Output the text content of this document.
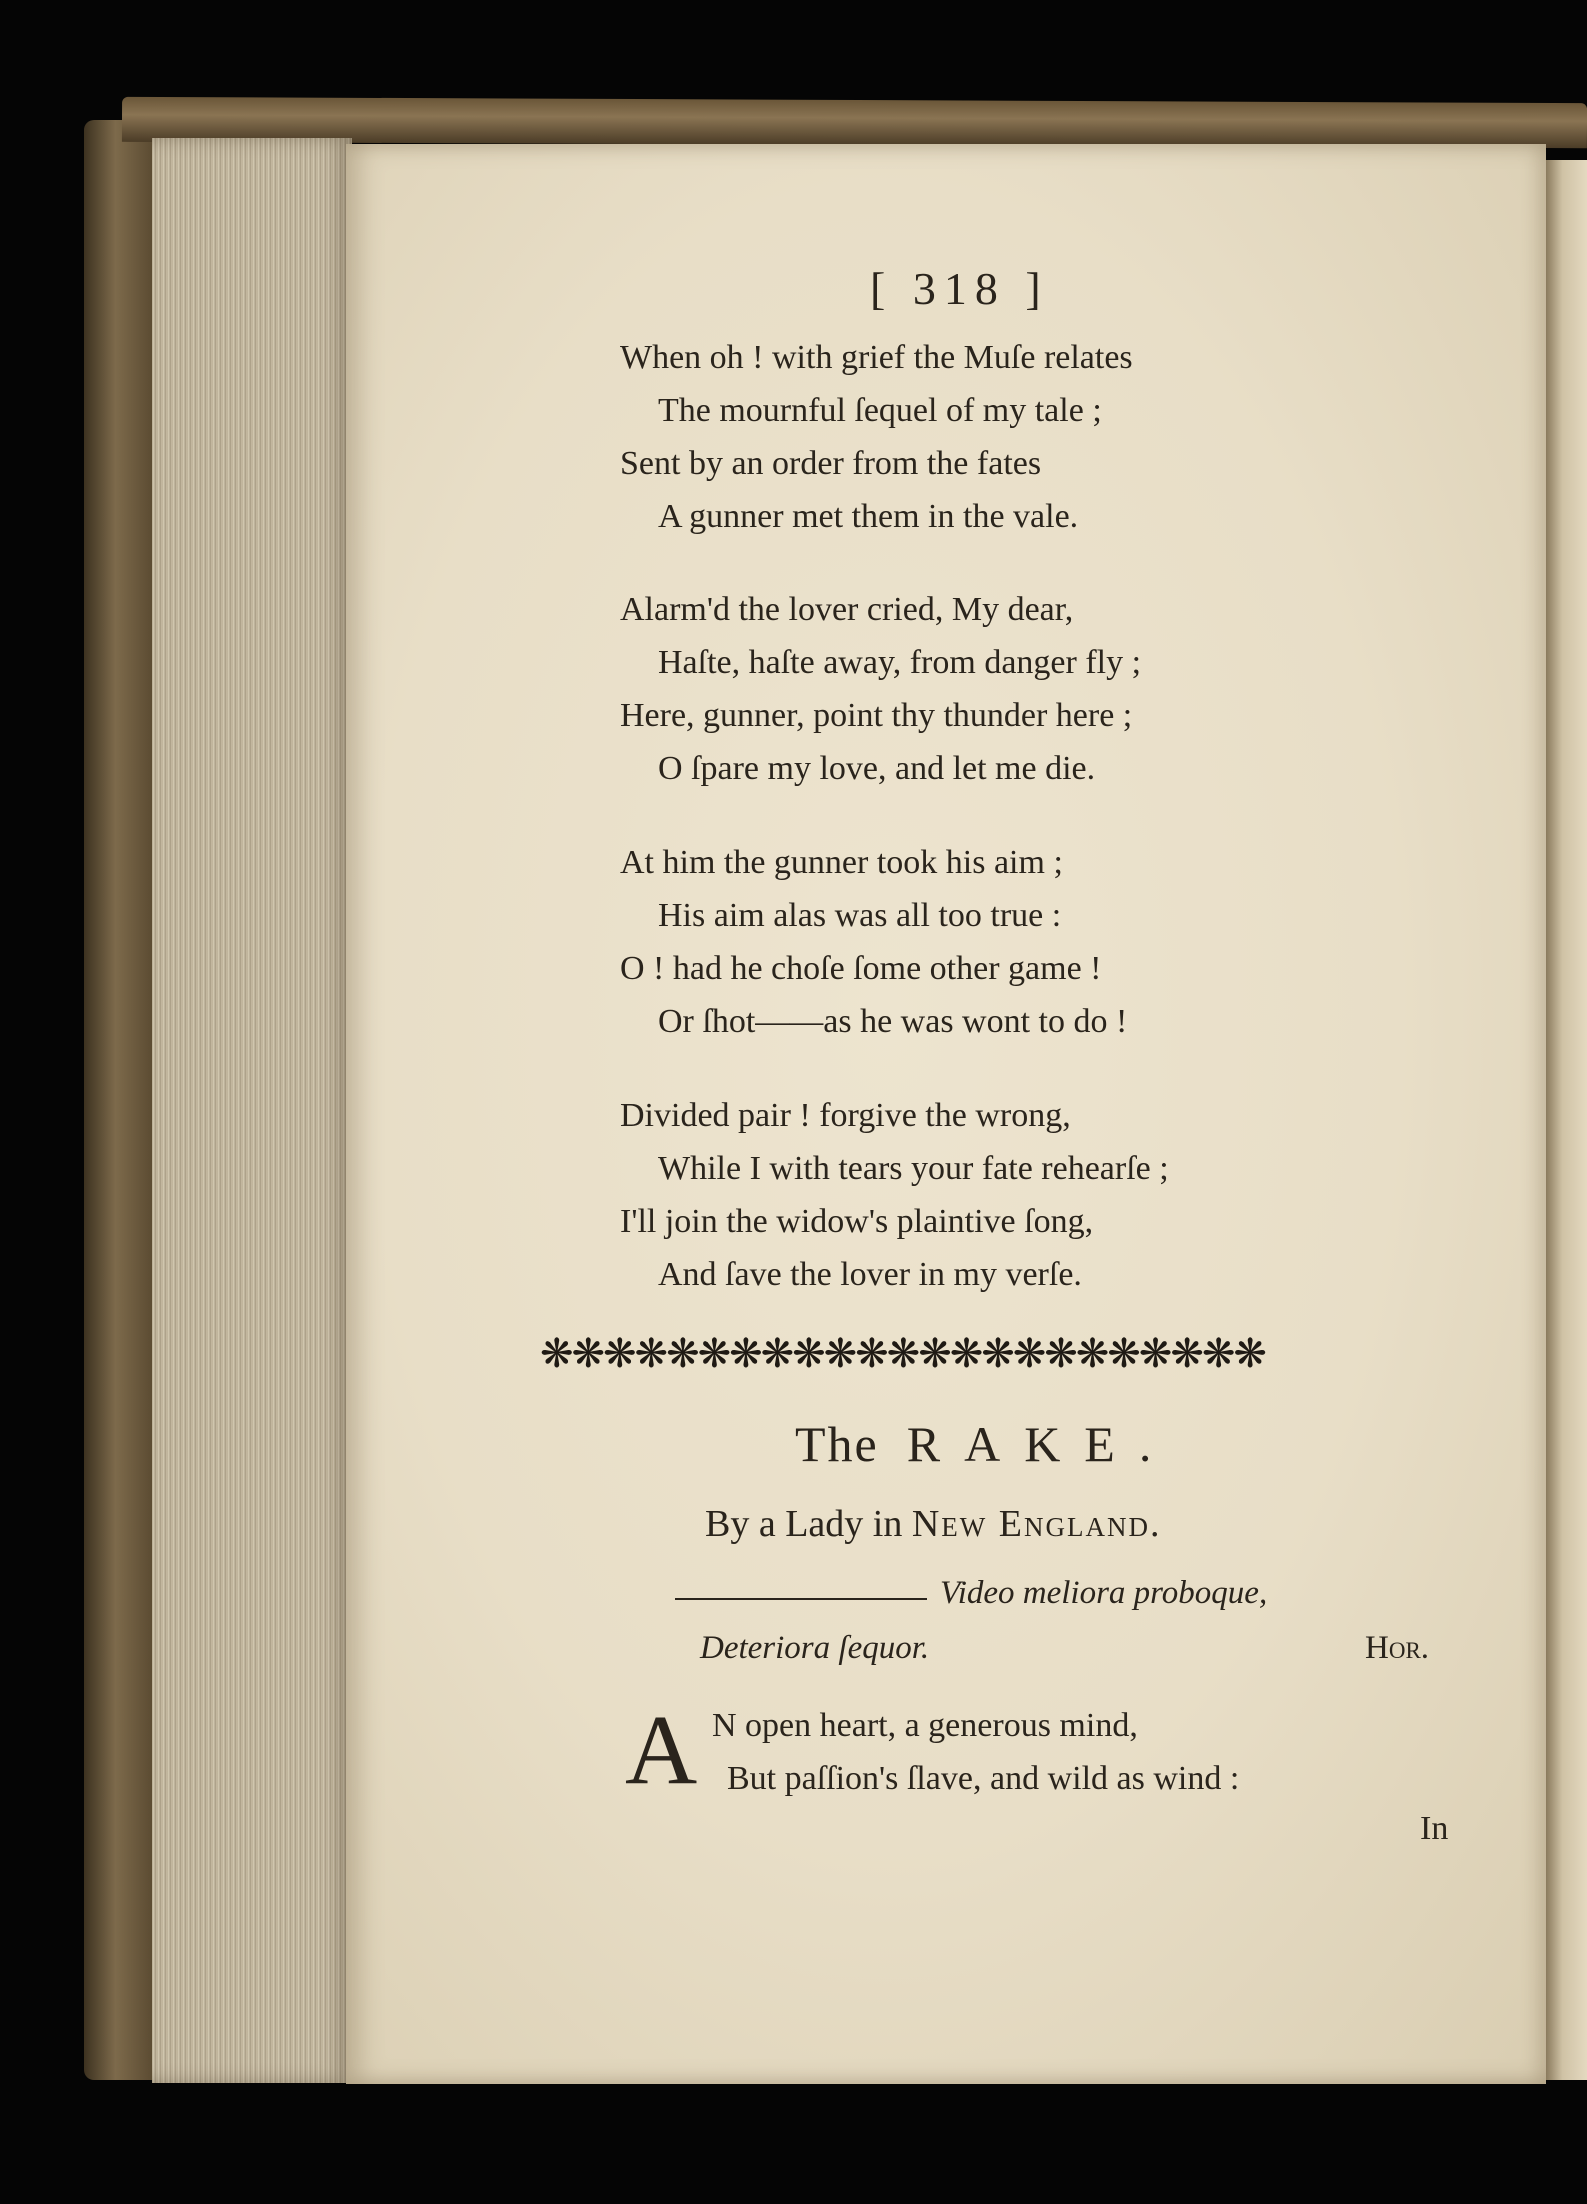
[ 318 ]
When oh ! with grief the Muſe relates
The mournful ſequel of my tale ;
Sent by an order from the fates
A gunner met them in the vale.
Alarm'd the lover cried, My dear,
Haſte, haſte away, from danger fly ;
Here, gunner, point thy thunder here ;
O ſpare my love, and let me die.
At him the gunner took his aim ;
His aim alas was all too true :
O ! had he choſe ſome other game !
Or ſhot——as he was wont to do !
Divided pair ! forgive the wrong,
While I with tears your fate rehearſe ;
I'll join the widow's plaintive ſong,
And ſave the lover in my verſe.
❋❋❋❋❋❋❋❋❋❋❋❋❋❋❋❋❋❋❋❋❋❋❋
The RAKE.
By a Lady in New England.
Video meliora proboque,
Deteriora ſequor.	Hor.
A N open heart, a generous mind,
But paſſion's ſlave, and wild as wind :
In
